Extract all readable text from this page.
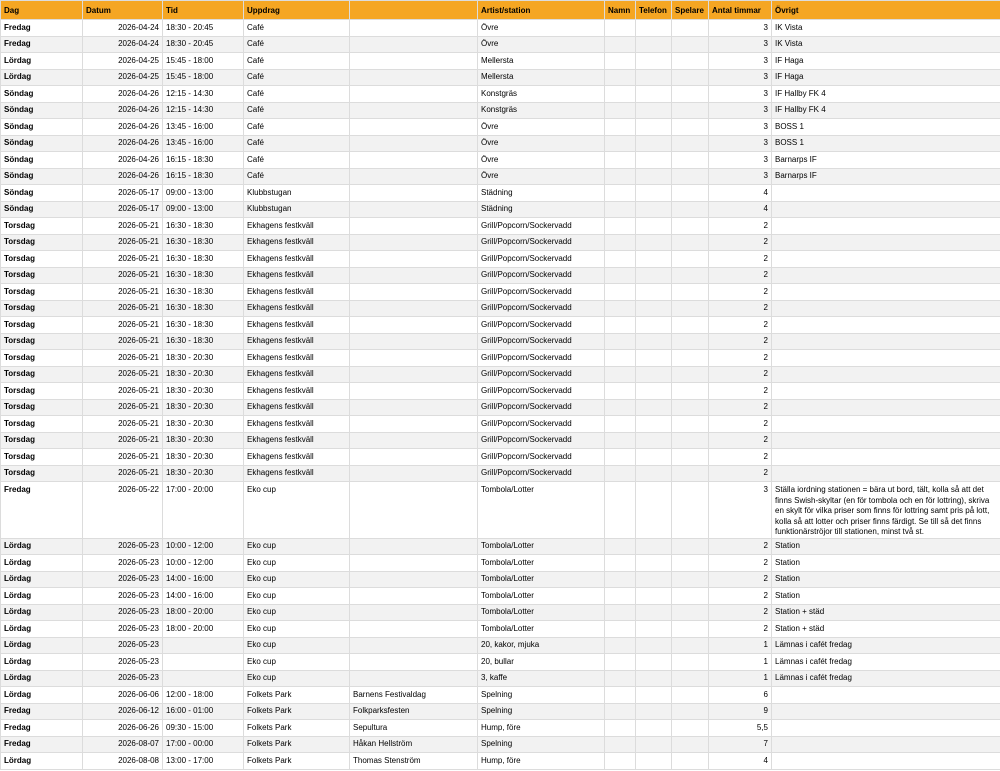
Dag	Datum	Tid	Uppdrag		Artist/station	Namn	Telefon	Spelare	Antal timmar	Övrigt
Fredag	2026-04-24	18:30 - 20:45	Café		Övre				3	IK Vista
Fredag	2026-04-24	18:30 - 20:45	Café		Övre				3	IK Vista
Lördag	2026-04-25	15:45 - 18:00	Café		Mellersta				3	IF Haga
Lördag	2026-04-25	15:45 - 18:00	Café		Mellersta				3	IF Haga
Söndag	2026-04-26	12:15 - 14:30	Café		Konstgräs				3	IF Hallby FK 4
Söndag	2026-04-26	12:15 - 14:30	Café		Konstgräs				3	IF Hallby FK 4
Söndag	2026-04-26	13:45 - 16:00	Café		Övre				3	BOSS 1
Söndag	2026-04-26	13:45 - 16:00	Café		Övre				3	BOSS 1
Söndag	2026-04-26	16:15 - 18:30	Café		Övre				3	Barnarps IF
Söndag	2026-04-26	16:15 - 18:30	Café		Övre				3	Barnarps IF
Söndag	2026-05-17	09:00 - 13:00	Klubbstugan		Städning				4	
Söndag	2026-05-17	09:00 - 13:00	Klubbstugan		Städning				4	
Torsdag	2026-05-21	16:30 - 18:30	Ekhagens festkväll		Grill/Popcorn/Sockervadd				2	
Torsdag	2026-05-21	16:30 - 18:30	Ekhagens festkväll		Grill/Popcorn/Sockervadd				2	
Torsdag	2026-05-21	16:30 - 18:30	Ekhagens festkväll		Grill/Popcorn/Sockervadd				2	
Torsdag	2026-05-21	16:30 - 18:30	Ekhagens festkväll		Grill/Popcorn/Sockervadd				2	
Torsdag	2026-05-21	16:30 - 18:30	Ekhagens festkväll		Grill/Popcorn/Sockervadd				2	
Torsdag	2026-05-21	16:30 - 18:30	Ekhagens festkväll		Grill/Popcorn/Sockervadd				2	
Torsdag	2026-05-21	16:30 - 18:30	Ekhagens festkväll		Grill/Popcorn/Sockervadd				2	
Torsdag	2026-05-21	16:30 - 18:30	Ekhagens festkväll		Grill/Popcorn/Sockervadd				2	
Torsdag	2026-05-21	18:30 - 20:30	Ekhagens festkväll		Grill/Popcorn/Sockervadd				2	
Torsdag	2026-05-21	18:30 - 20:30	Ekhagens festkväll		Grill/Popcorn/Sockervadd				2	
Torsdag	2026-05-21	18:30 - 20:30	Ekhagens festkväll		Grill/Popcorn/Sockervadd				2	
Torsdag	2026-05-21	18:30 - 20:30	Ekhagens festkväll		Grill/Popcorn/Sockervadd				2	
Torsdag	2026-05-21	18:30 - 20:30	Ekhagens festkväll		Grill/Popcorn/Sockervadd				2	
Torsdag	2026-05-21	18:30 - 20:30	Ekhagens festkväll		Grill/Popcorn/Sockervadd				2	
Torsdag	2026-05-21	18:30 - 20:30	Ekhagens festkväll		Grill/Popcorn/Sockervadd				2	
Torsdag	2026-05-21	18:30 - 20:30	Ekhagens festkväll		Grill/Popcorn/Sockervadd				2	
Fredag	2026-05-22	17:00 - 20:00	Eko cup		Tombola/Lotter				3	Ställa iordning stationen = bära ut bord, tält, kolla så att det finns Swish-skyltar (en för tombola och en för lottring), skriva en skylt för vilka priser som finns för lottring samt pris på lott, kolla så att lotter och priser finns färdigt. Se till så det finns funktionärströjor till stationen, minst två st.
Lördag	2026-05-23	10:00 - 12:00	Eko cup		Tombola/Lotter				2	Station
Lördag	2026-05-23	10:00 - 12:00	Eko cup		Tombola/Lotter				2	Station
Lördag	2026-05-23	14:00 - 16:00	Eko cup		Tombola/Lotter				2	Station
Lördag	2026-05-23	14:00 - 16:00	Eko cup		Tombola/Lotter				2	Station
Lördag	2026-05-23	18:00 - 20:00	Eko cup		Tombola/Lotter				2	Station + städ
Lördag	2026-05-23	18:00 - 20:00	Eko cup		Tombola/Lotter				2	Station + städ
Lördag	2026-05-23		Eko cup		20, kakor, mjuka				1	Lämnas i cafét fredag
Lördag	2026-05-23		Eko cup		20, bullar				1	Lämnas i cafét fredag
Lördag	2026-05-23		Eko cup		3, kaffe				1	Lämnas i cafét fredag
Lördag	2026-06-06	12:00 - 18:00	Folkets Park	Barnens Festivaldag	Spelning				6	
Fredag	2026-06-12	16:00 - 01:00	Folkets Park	Folkparksfesten	Spelning				9	
Fredag	2026-06-26	09:30 - 15:00	Folkets Park	Sepultura	Hump, före				5,5	
Fredag	2026-08-07	17:00 - 00:00	Folkets Park	Håkan Hellström	Spelning				7	
Lördag	2026-08-08	13:00 - 17:00	Folkets Park	Thomas Stenström	Hump, före				4	
